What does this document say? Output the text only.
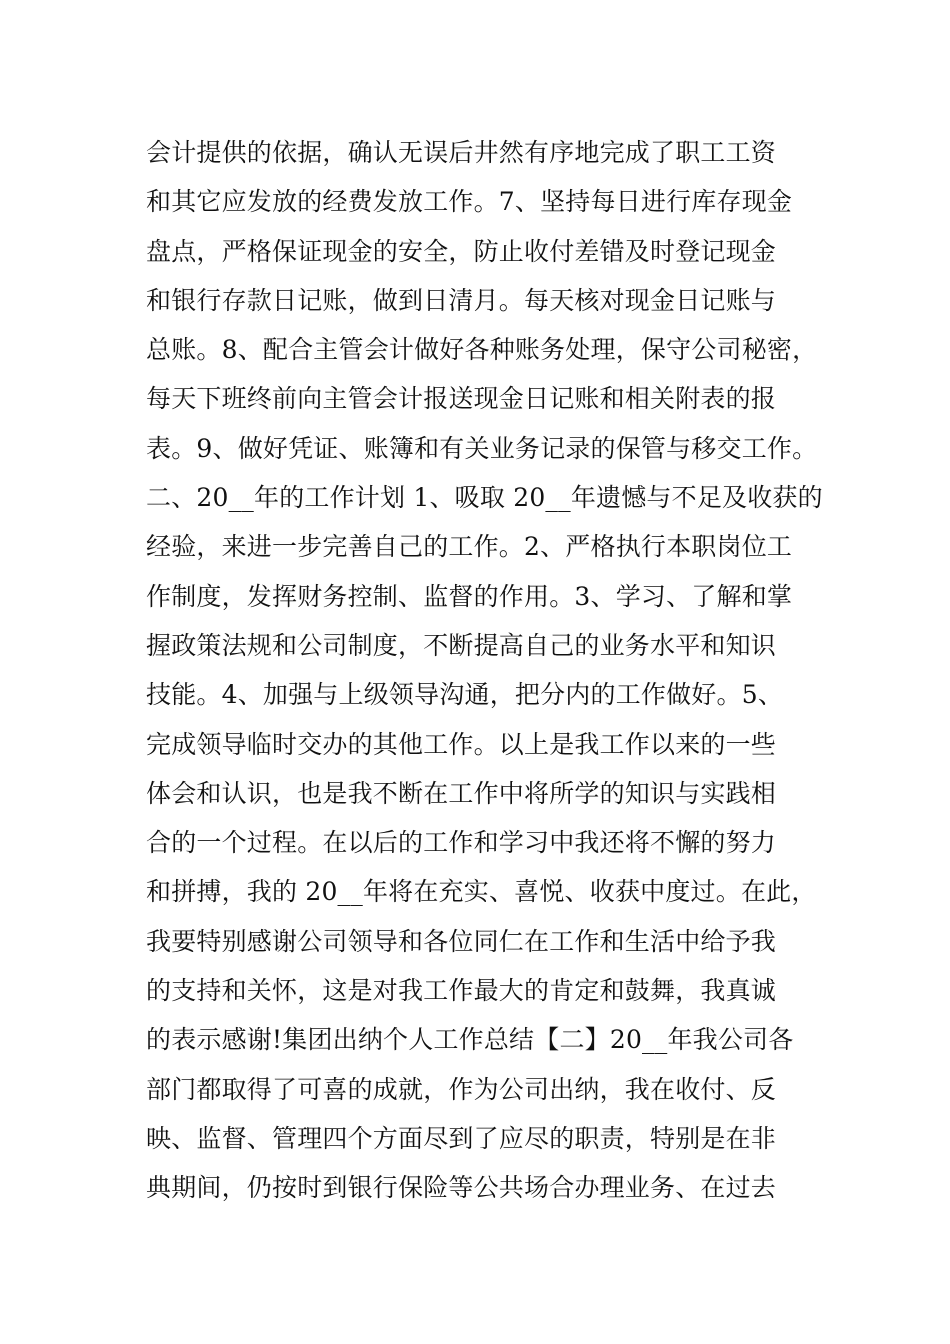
会计提供的依据，确认无误后井然有序地完成了职工工资
和其它应发放的经费发放工作。7、坚持每日进行库存现金
盘点，严格保证现金的安全，防止收付差错及时登记现金
和银行存款日记账，做到日清月。每天核对现金日记账与
总账。8、配合主管会计做好各种账务处理，保守公司秘密，
每天下班终前向主管会计报送现金日记账和相关附表的报
表。9、做好凭证、账簿和有关业务记录的保管与移交工作。
二、20__年的工作计划 1、吸取 20__年遗憾与不足及收获的
经验，来进一步完善自己的工作。2、严格执行本职岗位工
作制度，发挥财务控制、监督的作用。3、学习、了解和掌
握政策法规和公司制度，不断提高自己的业务水平和知识
技能。4、加强与上级领导沟通，把分内的工作做好。5、
完成领导临时交办的其他工作。以上是我工作以来的一些
体会和认识，也是我不断在工作中将所学的知识与实践相
合的一个过程。在以后的工作和学习中我还将不懈的努力
和拼搏，我的 20__年将在充实、喜悦、收获中度过。在此，
我要特别感谢公司领导和各位同仁在工作和生活中给予我
的支持和关怀，这是对我工作最大的肯定和鼓舞，我真诚
的表示感谢!集团出纳个人工作总结【二】20__年我公司各
部门都取得了可喜的成就，作为公司出纳，我在收付、反
映、监督、管理四个方面尽到了应尽的职责，特别是在非
典期间，仍按时到银行保险等公共场合办理业务、在过去
